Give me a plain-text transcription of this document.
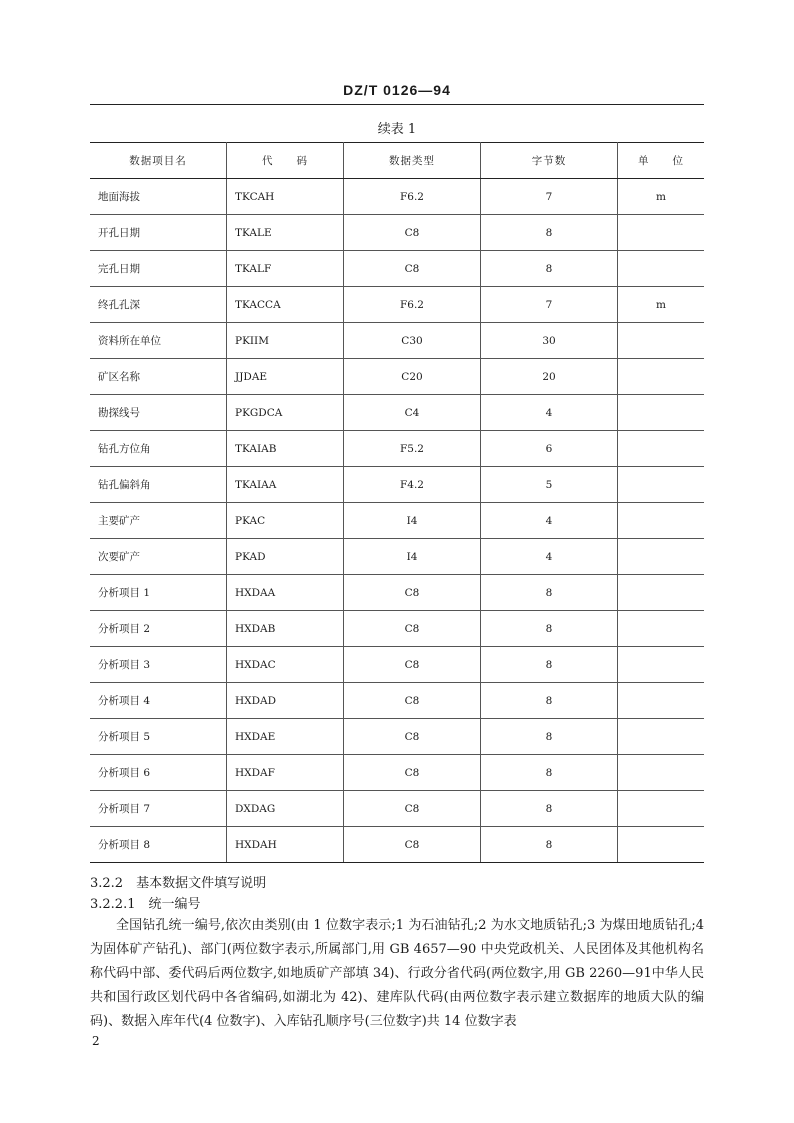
DZ/T 0126—94
续表 1
数据项目名	代　　码	数据类型	字节数	单　　位
地面海拔	TKCAH	F6.2	7	m
开孔日期	TKALE	C8	8	
完孔日期	TKALF	C8	8	
终孔孔深	TKACCA	F6.2	7	m
资料所在单位	PKIIM	C30	30	
矿区名称	JJDAE	C20	20	
勘探线号	PKGDCA	C4	4	
钻孔方位角	TKAIAB	F5.2	6	
钻孔偏斜角	TKAIAA	F4.2	5	
主要矿产	PKAC	I4	4	
次要矿产	PKAD	I4	4	
分析项目 1	HXDAA	C8	8	
分析项目 2	HXDAB	C8	8	
分析项目 3	HXDAC	C8	8	
分析项目 4	HXDAD	C8	8	
分析项目 5	HXDAE	C8	8	
分析项目 6	HXDAF	C8	8	
分析项目 7	DXDAG	C8	8	
分析项目 8	HXDAH	C8	8	
3.2.2　基本数据文件填写说明
3.2.2.1　统一编号

全国钻孔统一编号,依次由类别(由 1 位数字表示;1 为石油钻孔;2 为水文地质钻孔;3 为煤田地质钻孔;4 为固体矿产钻孔)、部门(两位数字表示,所属部门,用 GB 4657—90 中央党政机关、人民团体及其他机构名称代码中部、委代码后两位数字,如地质矿产部填 34)、行政分省代码(两位数字,用 GB 2260—91中华人民共和国行政区划代码中各省编码,如湖北为 42)、建库队代码(由两位数字表示建立数据库的地质大队的编码)、数据入库年代(4 位数字)、入库钻孔顺序号(三位数字)共 14 位数字表

2
